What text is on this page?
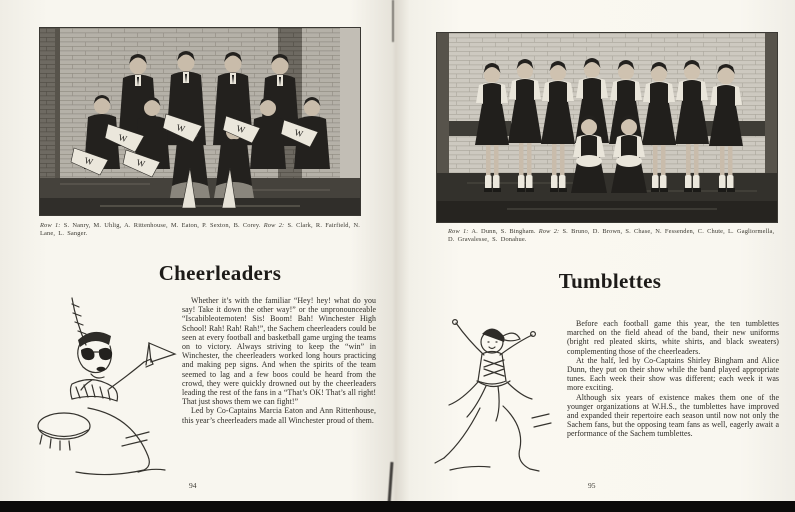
W
W	W	W
W	W
Row 1: S. Nanry, M. Uhlig, A. Rittenhouse, M. Eaton, P. Sexton, B. Corey. Row 2: S. Clark, R. Fairfield, N. Lane, L. Sanger.
Cheerleaders

Whether it’s with the familiar “Hey! hey! what do you say! Take it down the other way!” or the unpronounceable “Iscabibleotemoten! Sis! Boom! Bah! Winchester High School! Rah! Rah! Rah!”, the Sachem cheerleaders could be seen at every football and basketball game urging the teams on to victory. Always striving to keep the “win” in Winchester, the cheerleaders worked long hours practicing and making pep signs. And when the spirits of the team seemed to lag and a few boos could be heard from the crowd, they were quickly drowned out by the cheerleaders leading the rest of the fans in a “That’s OK! That’s all right! That just shows them we can fight!”

Led by Co-Captains Marcia Eaton and Ann Rittenhouse, this year’s cheerleaders made all Winchester proud of them.

94
Row 1: A. Dunn, S. Bingham. Row 2: S. Bruno, D. Brown, S. Chase, N. Fessenden, C. Chute, L. Gagliormella, D. Gravalesse, S. Donahue.
Tumblettes

Before each football game this year, the ten tumblettes marched on the field ahead of the band, their new uniforms (bright red pleated skirts, white shirts, and black sweaters) complementing those of the cheerleaders.

At the half, led by Co-Captains Shirley Bingham and Alice Dunn, they put on their show while the band played appropriate tunes. Each week their show was different; each week it was more exciting.

Although six years of existence makes them one of the younger organizations at W.H.S., the tumblettes have improved and expanded their repertoire each season until now not only the Sachem fans, but the opposing team fans as well, eagerly await a performance of the Sachem tumblettes.

95
